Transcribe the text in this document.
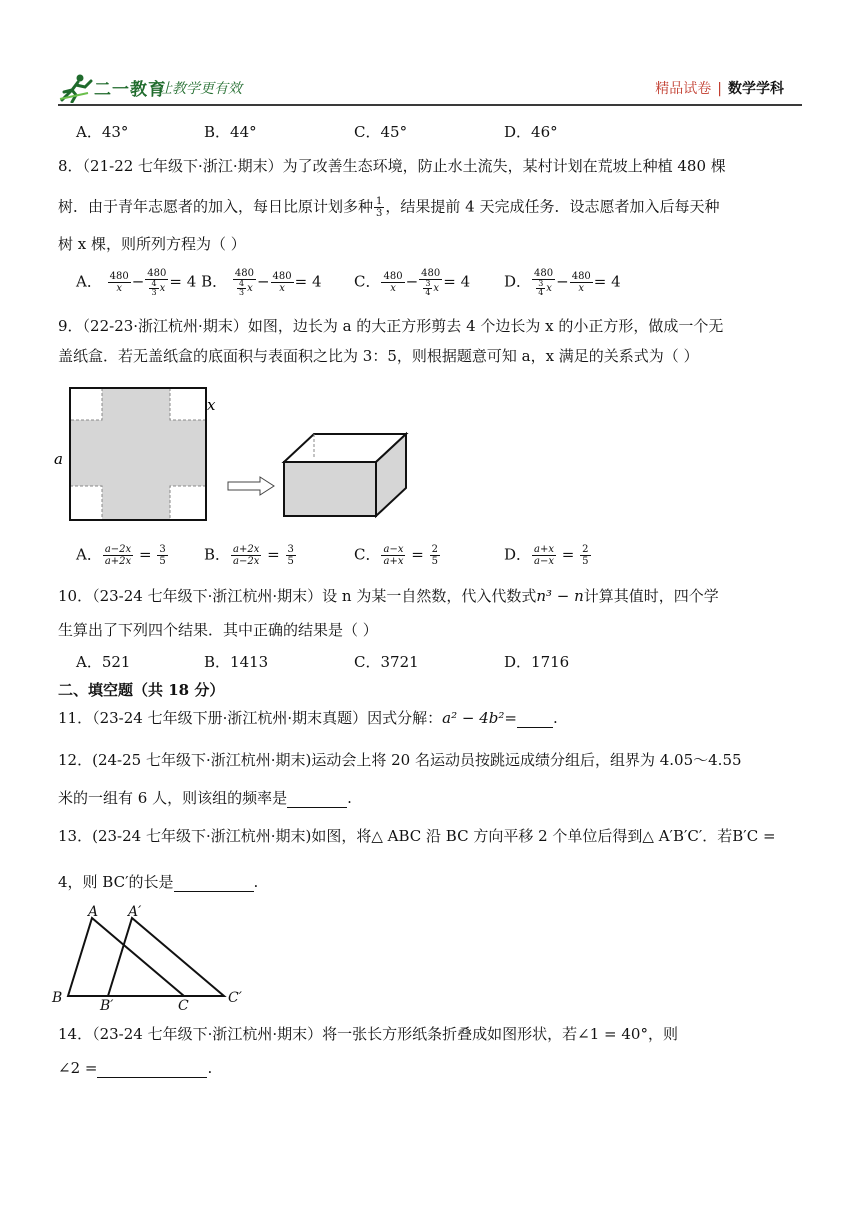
二一教育
让教学更有效	精品试卷 | 数学学科
A．43°	B．44°	C．45°	D．46°
8．（21-22 七年级下·浙江·期末）为了改善生态环境，防止水土流失，某村计划在荒坡上种植 480 棵
树．由于青年志愿者的加入，每日比原计划多种 $\frac{1}{3}$ ，结果提前 4 天完成任务．设志愿者加入后每天种
树 x 棵，则所列方程为（ ）
A． $\frac{480}{x} - \frac{480}{\frac{4}{3} x} = 4$ B． $\frac{480}{\frac{4}{3} x} - \frac{480}{x} = 4$ C． $\frac{480}{x} - \frac{480}{\frac{3}{4} x} = 4$ D． $\frac{480}{\frac{3}{4} x} - \frac{480}{x} = 4$
9．（22-23·浙江杭州·期末）如图，边长为 a 的大正方形剪去 4 个边长为 x 的小正方形，做成一个无
盖纸盒．若无盖纸盒的底面积与表面积之比为 3：5，则根据题意可知 a，x 满足的关系式为（ ）
x
a
A． $\frac{a-2x}{a+2x} = \frac{3}{5}$ B． $\frac{a+2x}{a-2x} = \frac{3}{5}$	C． $\frac{a-x}{a+x} = \frac{2}{5}$	D． $\frac{a+x}{a-x} = \frac{2}{5}$
10．（23-24 七年级下·浙江杭州·期末）设 n 为某一自然数，代入代数式n³ − n计算其值时，四个学
生算出了下列四个结果．其中正确的结果是（ ）
A．521	B．1413	C．3721	D．1716
二、填空题（共 18 分）
11．（23-24 七年级下册·浙江杭州·期末真题）因式分解：a² − 4b²= .
12．(24-25 七年级下·浙江杭州·期末)运动会上将 20 名运动员按跳远成绩分组后，组界为 4.05～4.55
米的一组有 6 人，则该组的频率是	.
13．(23-24 七年级下·浙江杭州·期末)如图，将△ ABC 沿 BC 方向平移 2 个单位后得到△ A′B′C′．若B′C =
4，则 BC′的长是	.
A A′
B	B′	C	C′
14．（23-24 七年级下·浙江杭州·期末）将一张长方形纸条折叠成如图形状，若∠1 = 40°，则
∠2 =	.
